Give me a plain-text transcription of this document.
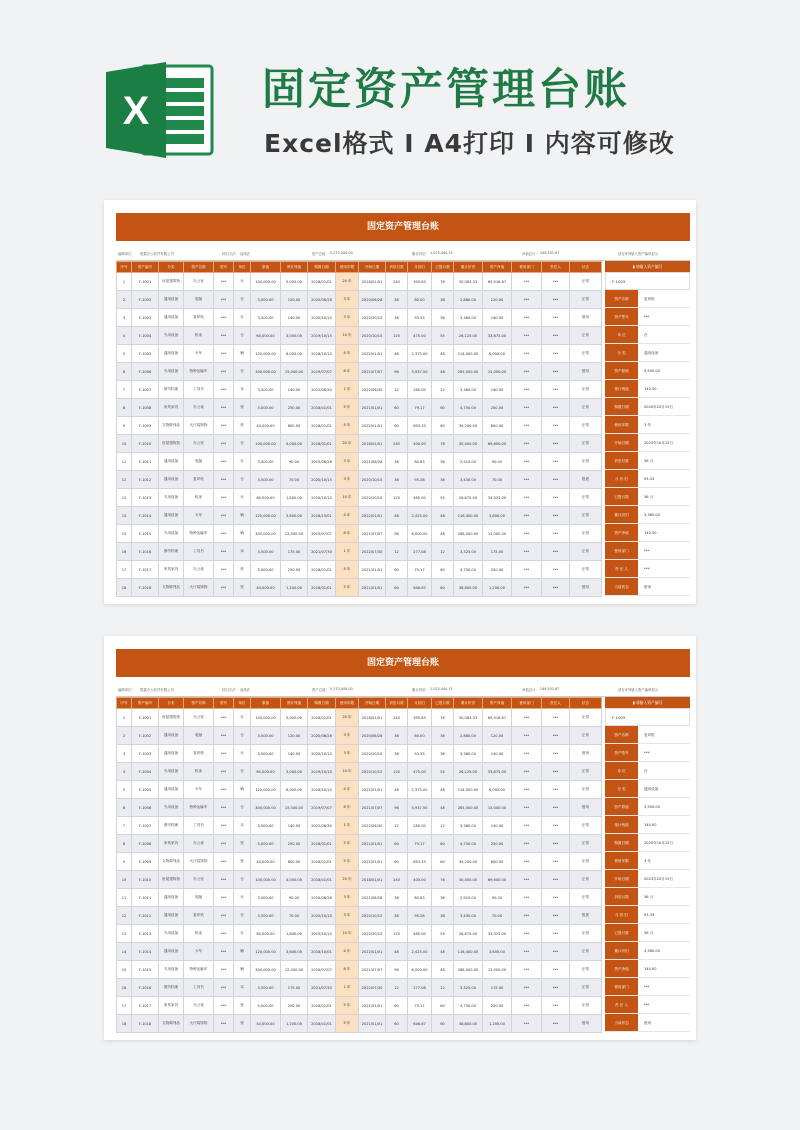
X	固定资产管理台账
Excel格式 I A4打印 I 内容可修改
固定资产管理台账
编制单位： 熊猫办公软件有限公司	折旧方法： 直线法	资产总值： 5,270,000.00	累计折旧： 1,023,444.15	净值总计： 246,551.67	请在IF列填入资产编码显示
序号	资产编号	分类	资产名称	型号	单位	原值	预计残值	购置日期	使用年限	开始日期	折旧月数	月折旧	已提月数	累计折旧	资产净值	使用部门	责任人	状态
1	F-1001	房屋建筑物	办公室	***	台	100,000.00	5,000.00	2018/01/01	20 年	2018/01/01	240	395.83	76	30,083.33	69,916.67	***	***	正常
2	F-1002	通用设备	电脑	***	台	3,000.00	120.00	2020/06/28	3 年	2020/06/28	36	80.00	36	2,880.00	120.00	***	***	正常
3	F-1003	通用设备	复印机	***	台	3,500.00	140.00	2020/10/15	3 年	2020/10/15	36	93.33	36	3,360.00	140.00	***	***	借用
4	F-1004	专用设备	机床	***	台	60,000.00	3,000.00	2019/10/15	10 年	2020/10/15	120	475.00	55	26,125.00	33,875.00	***	***	正常
5	F-1005	通用设备	卡车	***	辆	120,000.00	6,000.00	2018/10/15	4 年	2022/01/01	48	2,375.00	48	114,000.00	6,000.00	***	***	正常
6	F-1006	专用设备	特种运输车	***	台	300,000.00	15,000.00	2019/07/07	8 年	2021/07/07	96	5,937.50	48	285,000.00	15,000.00	***	***	借用
7	F-1007	图书档案	工具书	***	本	3,500.00	140.00	2022/06/30	1 年	2022/06/30	12	280.00	12	3,360.00	140.00	***	***	正常
8	F-1008	家具家具	办公桌	***	张	5,000.00	250.00	2018/01/01	5 年	2021/01/01	60	79.17	60	4,750.00	250.00	***	***	正常
9	F-1009	文物陈列品	大厅装饰物	***	张	40,000.00	800.00	2018/01/01	5 年	2022/01/01	60	653.33	60	39,200.00	800.00	***	***	正常
10	F-1010	房屋建筑物	办公室	***	台	100,000.00	4,000.00	2018/01/01	20 年	2018/01/01	240	400.00	76	30,400.00	69,600.00	***	***	正常
11	F-1011	通用设备	电脑	***	台	3,000.00	90.00	2019/06/28	3 年	2021/06/28	36	80.83	36	2,910.00	90.00	***	***	正常
12	F-1012	通用设备	复印机	***	台	3,500.00	70.00	2020/10/15	3 年	2020/10/15	36	95.28	36	3,430.00	70.00	***	***	报废
13	F-1013	专用设备	机床	***	台	60,000.00	1,800.00	2019/10/15	10 年	2020/10/15	120	485.00	55	26,675.00	33,325.00	***	***	正常
14	F-1014	通用设备	卡车	***	辆	120,000.00	3,600.00	2018/10/01	4 年	2022/01/01	48	2,425.00	48	116,400.00	3,600.00	***	***	正常
15	F-1015	专用设备	特种运输车	***	辆	300,000.00	12,000.00	2019/07/07	8 年	2021/07/07	96	6,000.00	48	288,000.00	12,000.00	***	***	正常
16	F-1016	图书档案	工具书	***	本	3,500.00	175.00	2021/07/30	1 年	2022/07/30	12	277.08	12	3,325.00	175.00	***	***	正常
17	F-1017	家具家具	办公桌	***	张	5,000.00	250.00	2018/01/01	5 年	2021/01/01	60	79.17	60	4,750.00	250.00	***	***	正常
18	F-1018	文物陈列品	大厅装饰物	***	张	40,000.00	1,200.00	2018/01/01	5 年	2021/01/01	60	646.67	60	38,800.00	1,200.00	***	***	借用
▮ 请输入资产编号
F-1003
资产名称	复印机
资产型号	***
单 位	台
分 类	通用设备
资产原值	3,500.00
预计残值	140.00
购置日期	2020年10月15日
使用年限	3 年
开始日期	2023年10月15日
折旧月数	36 月
月 折 旧	93.33
已提月数	36 月
累计折旧	3,360.00
资产净值	140.00
使用部门	***
责 任 人	***
当前状态	借用
固定资产管理台账
编制单位： 熊猫办公软件有限公司	折旧方法： 直线法	资产总值： 5,270,000.00	累计折旧： 1,023,444.15	净值总计： 246,551.67	请在IF列填入资产编码显示
序号	资产编号	分类	资产名称	型号	单位	原值	预计残值	购置日期	使用年限	开始日期	折旧月数	月折旧	已提月数	累计折旧	资产净值	使用部门	责任人	状态
1	F-1001	房屋建筑物	办公室	***	台	100,000.00	5,000.00	2018/01/01	20 年	2018/01/01	240	395.83	76	30,083.33	69,916.67	***	***	正常
2	F-1002	通用设备	电脑	***	台	3,000.00	120.00	2020/06/28	3 年	2020/06/28	36	80.00	36	2,880.00	120.00	***	***	正常
3	F-1003	通用设备	复印机	***	台	3,500.00	140.00	2020/10/15	3 年	2020/10/15	36	93.33	36	3,360.00	140.00	***	***	借用
4	F-1004	专用设备	机床	***	台	60,000.00	3,000.00	2019/10/15	10 年	2020/10/15	120	475.00	55	26,125.00	33,875.00	***	***	正常
5	F-1005	通用设备	卡车	***	辆	120,000.00	6,000.00	2018/10/15	4 年	2022/01/01	48	2,375.00	48	114,000.00	6,000.00	***	***	正常
6	F-1006	专用设备	特种运输车	***	台	300,000.00	15,000.00	2019/07/07	8 年	2021/07/07	96	5,937.50	48	285,000.00	15,000.00	***	***	借用
7	F-1007	图书档案	工具书	***	本	3,500.00	140.00	2022/06/30	1 年	2022/06/30	12	280.00	12	3,360.00	140.00	***	***	正常
8	F-1008	家具家具	办公桌	***	张	5,000.00	250.00	2018/01/01	5 年	2021/01/01	60	79.17	60	4,750.00	250.00	***	***	正常
9	F-1009	文物陈列品	大厅装饰物	***	张	40,000.00	800.00	2018/01/01	5 年	2022/01/01	60	653.33	60	39,200.00	800.00	***	***	正常
10	F-1010	房屋建筑物	办公室	***	台	100,000.00	4,000.00	2018/01/01	20 年	2018/01/01	240	400.00	76	30,400.00	69,600.00	***	***	正常
11	F-1011	通用设备	电脑	***	台	3,000.00	90.00	2019/06/28	3 年	2021/06/28	36	80.83	36	2,910.00	90.00	***	***	正常
12	F-1012	通用设备	复印机	***	台	3,500.00	70.00	2020/10/15	3 年	2020/10/15	36	95.28	36	3,430.00	70.00	***	***	报废
13	F-1013	专用设备	机床	***	台	60,000.00	1,800.00	2019/10/15	10 年	2020/10/15	120	485.00	55	26,675.00	33,325.00	***	***	正常
14	F-1014	通用设备	卡车	***	辆	120,000.00	3,600.00	2018/10/01	4 年	2022/01/01	48	2,425.00	48	116,400.00	3,600.00	***	***	正常
15	F-1015	专用设备	特种运输车	***	辆	300,000.00	12,000.00	2019/07/07	8 年	2021/07/07	96	6,000.00	48	288,000.00	12,000.00	***	***	正常
16	F-1016	图书档案	工具书	***	本	3,500.00	175.00	2021/07/30	1 年	2022/07/30	12	277.08	12	3,325.00	175.00	***	***	正常
17	F-1017	家具家具	办公桌	***	张	5,000.00	250.00	2018/01/01	5 年	2021/01/01	60	79.17	60	4,750.00	250.00	***	***	正常
18	F-1018	文物陈列品	大厅装饰物	***	张	40,000.00	1,200.00	2018/01/01	5 年	2021/01/01	60	646.67	60	38,800.00	1,200.00	***	***	借用
▮ 请输入资产编号
F-1003
资产名称	复印机
资产型号	***
单 位	台
分 类	通用设备
资产原值	3,500.00
预计残值	140.00
购置日期	2020年10月15日
使用年限	3 年
开始日期	2023年10月15日
折旧月数	36 月
月 折 旧	93.33
已提月数	36 月
累计折旧	3,360.00
资产净值	140.00
使用部门	***
责 任 人	***
当前状态	借用
